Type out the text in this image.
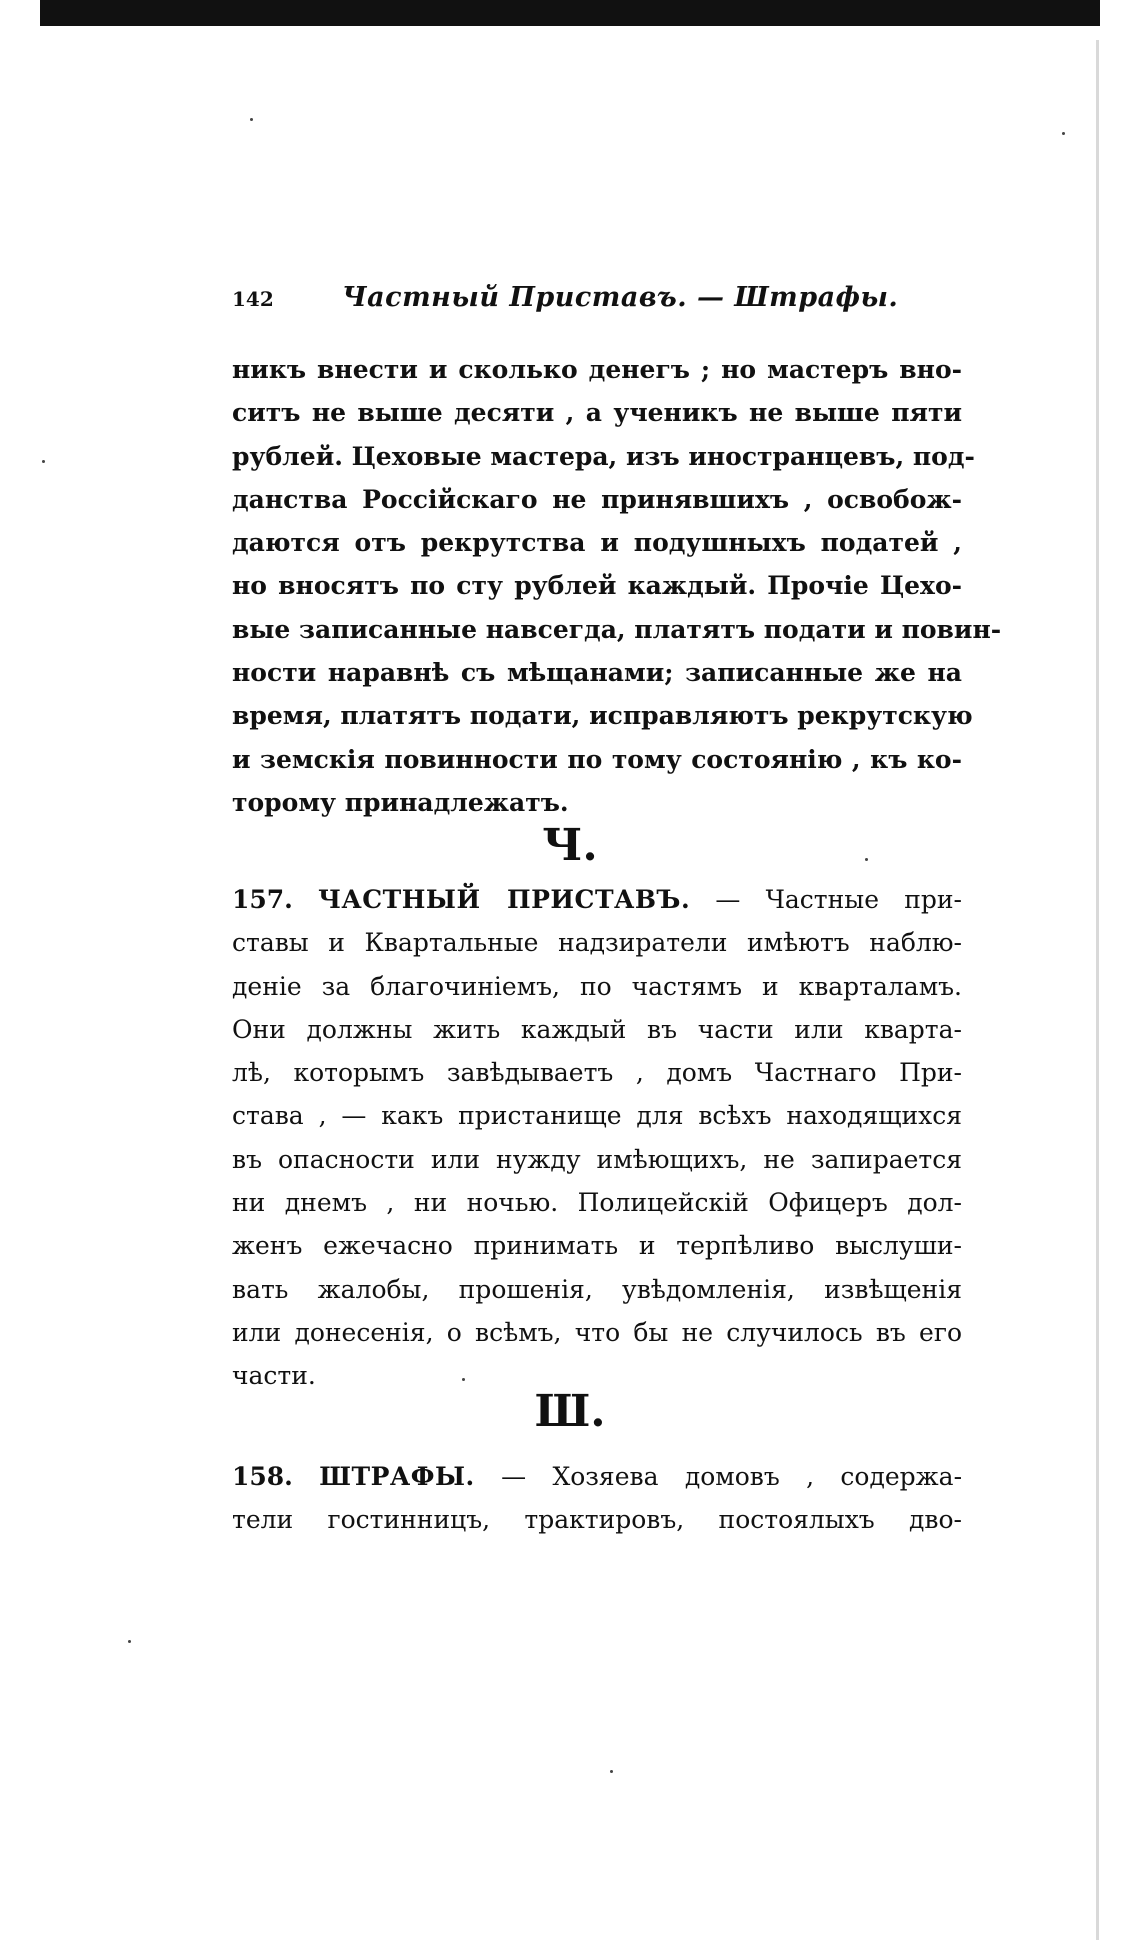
142	Частный Приставъ. — Штрафы.
никъ внести и сколько денегъ ; но мастеръ вно-
ситъ не выше десяти , а ученикъ не выше пяти
рублей. Цеховые мастера, изъ иностранцевъ, под-
данства Россiйскаго не принявшихъ , освобож-
даются отъ рекрутства и подушныхъ податей ,
но вносятъ по сту рублей каждый. Прочiе Цехо-
вые записанные навсегда, платятъ подати и повин-
ности наравнѣ съ мѣщанами; записанные же на
время, платятъ подати, исправляютъ рекрутскую
и земскiя повинности по тому состоянiю , къ ко-
торому принадлежатъ.
Ч.
157. ЧАСТНЫЙ ПРИСТАВЪ. — Частные при-
ставы и Квартальные надзиратели имѣютъ наблю-
денiе за благочинiемъ, по частямъ и кварталамъ.
Они должны жить каждый въ части или кварта-
лѣ, которымъ завѣдываетъ , домъ Частнаго При-
става , — какъ пристанище для всѣхъ находящихся
въ опасности или нужду имѣющихъ, не запирается
ни днемъ , ни ночью. Полицейскiй Офицеръ дол-
женъ ежечасно принимать и терпѣливо выслуши-
вать жалобы, прошенiя, увѣдомленiя, извѣщенiя
или донесенiя, о всѣмъ, что бы не случилось въ его
части.
Ш.
158. ШТРАФЫ. — Хозяева домовъ , содержа-
тели гостинницъ, трактировъ, постоялыхъ дво-
